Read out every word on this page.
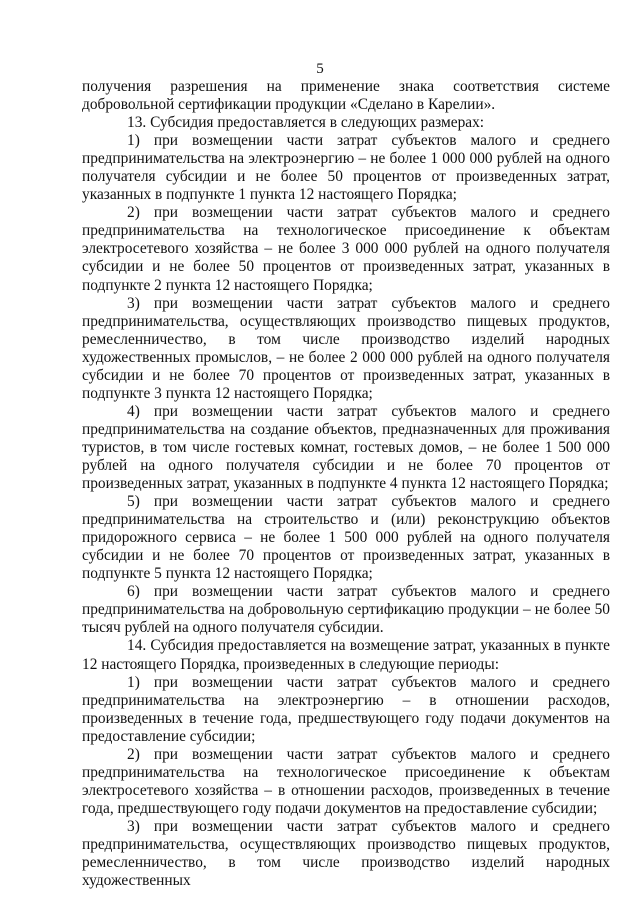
5

получения разрешения на применение знака соответствия системе добровольной сертификации продукции «Сделано в Карелии».

13. Субсидия предоставляется в следующих размерах:

1) при возмещении части затрат субъектов малого и среднего предпринимательства на электроэнергию – не более 1 000 000 рублей на одного получателя субсидии и не более 50 процентов от произведенных затрат, указанных в подпункте 1 пункта 12 настоящего Порядка;

2) при возмещении части затрат субъектов малого и среднего предпринимательства на технологическое присоединение к объектам электросетевого хозяйства – не более 3 000 000 рублей на одного получателя субсидии и не более 50 процентов от произведенных затрат, указанных в подпункте 2 пункта 12 настоящего Порядка;

3) при возмещении части затрат субъектов малого и среднего предпринимательства, осуществляющих производство пищевых продуктов, ремесленничество, в том числе производство изделий народных художественных промыслов, – не более 2 000 000 рублей на одного получателя субсидии и не более 70 процентов от произведенных затрат, указанных в подпункте 3 пункта 12 настоящего Порядка;

4) при возмещении части затрат субъектов малого и среднего предпринимательства на создание объектов, предназначенных для проживания туристов, в том числе гостевых комнат, гостевых домов, – не более 1 500 000 рублей на одного получателя субсидии и не более 70 процентов от произведенных затрат, указанных в подпункте 4 пункта 12 настоящего Порядка;

5) при возмещении части затрат субъектов малого и среднего предпринимательства на строительство и (или) реконструкцию объектов придорожного сервиса – не более 1 500 000 рублей на одного получателя субсидии и не более 70 процентов от произведенных затрат, указанных в подпункте 5 пункта 12 настоящего Порядка;

6) при возмещении части затрат субъектов малого и среднего предпринимательства на добровольную сертификацию продукции – не более 50 тысяч рублей на одного получателя субсидии.

14. Субсидия предоставляется на возмещение затрат, указанных в пункте 12 настоящего Порядка, произведенных в следующие периоды:

1) при возмещении части затрат субъектов малого и среднего предпринимательства на электроэнергию – в отношении расходов, произведенных в течение года, предшествующего году подачи документов на предоставление субсидии;

2) при возмещении части затрат субъектов малого и среднего предпринимательства на технологическое присоединение к объектам электросетевого хозяйства – в отношении расходов, произведенных в течение года, предшествующего году подачи документов на предоставление субсидии;

3) при возмещении части затрат субъектов малого и среднего предпринимательства, осуществляющих производство пищевых продуктов, ремесленничество, в том числе производство изделий народных художественных
